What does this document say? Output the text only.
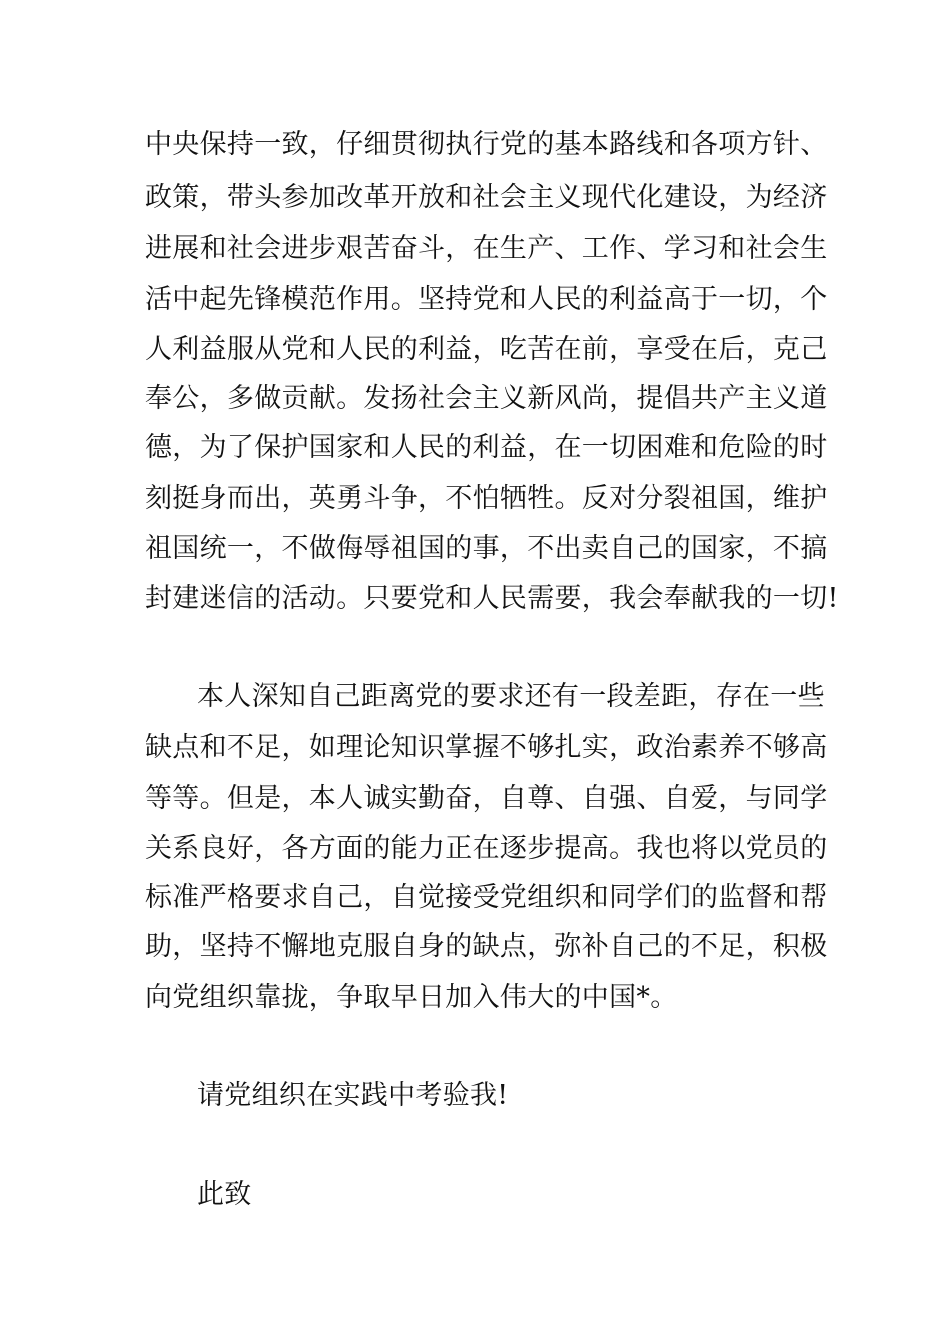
中央保持一致，仔细贯彻执行党的基本路线和各项方针、
政策，带头参加改革开放和社会主义现代化建设，为经济
进展和社会进步艰苦奋斗，在生产、工作、学习和社会生
活中起先锋模范作用。坚持党和人民的利益高于一切，个
人利益服从党和人民的利益，吃苦在前，享受在后，克己
奉公，多做贡献。发扬社会主义新风尚，提倡共产主义道
德，为了保护国家和人民的利益，在一切困难和危险的时
刻挺身而出，英勇斗争，不怕牺牲。反对分裂祖国，维护
祖国统一，不做侮辱祖国的事，不出卖自己的国家，不搞
封建迷信的活动。只要党和人民需要，我会奉献我的一切!
本人深知自己距离党的要求还有一段差距，存在一些
缺点和不足，如理论知识掌握不够扎实，政治素养不够高
等等。但是，本人诚实勤奋，自尊、自强、自爱，与同学
关系良好，各方面的能力正在逐步提高。我也将以党员的
标准严格要求自己，自觉接受党组织和同学们的监督和帮
助，坚持不懈地克服自身的缺点，弥补自己的不足，积极
向党组织靠拢，争取早日加入伟大的中国*。
请党组织在实践中考验我!
此致
